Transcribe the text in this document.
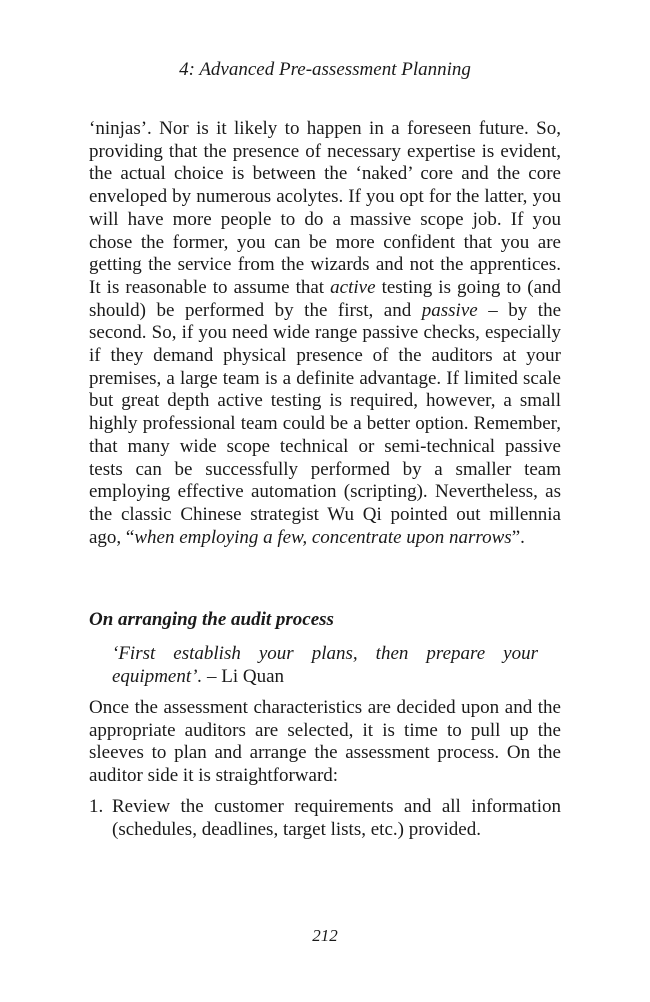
4: Advanced Pre-assessment Planning

‘ninjas’. Nor is it likely to happen in a foreseen future. So, providing that the presence of necessary expertise is evident, the actual choice is between the ‘naked’ core and the core enveloped by numerous acolytes. If you opt for the latter, you will have more people to do a massive scope job. If you chose the former, you can be more confident that you are getting the service from the wizards and not the apprentices. It is reasonable to assume that active testing is going to (and should) be performed by the first, and passive – by the second. So, if you need wide range passive checks, especially if they demand physical presence of the auditors at your premises, a large team is a definite advantage. If limited scale but great depth active testing is required, however, a small highly professional team could be a better option. Remember, that many wide scope technical or semi-technical passive tests can be successfully performed by a smaller team employing effective automation (scripting). Nevertheless, as the classic Chinese strategist Wu Qi pointed out millennia ago, “when employing a few, concentrate upon narrows”.

On arranging the audit process

‘First establish your plans, then prepare your equipment’. – Li Quan

Once the assessment characteristics are decided upon and the appropriate auditors are selected, it is time to pull up the sleeves to plan and arrange the assessment process. On the auditor side it is straightforward:

1. Review the customer requirements and all information (schedules, deadlines, target lists, etc.) provided.
212
